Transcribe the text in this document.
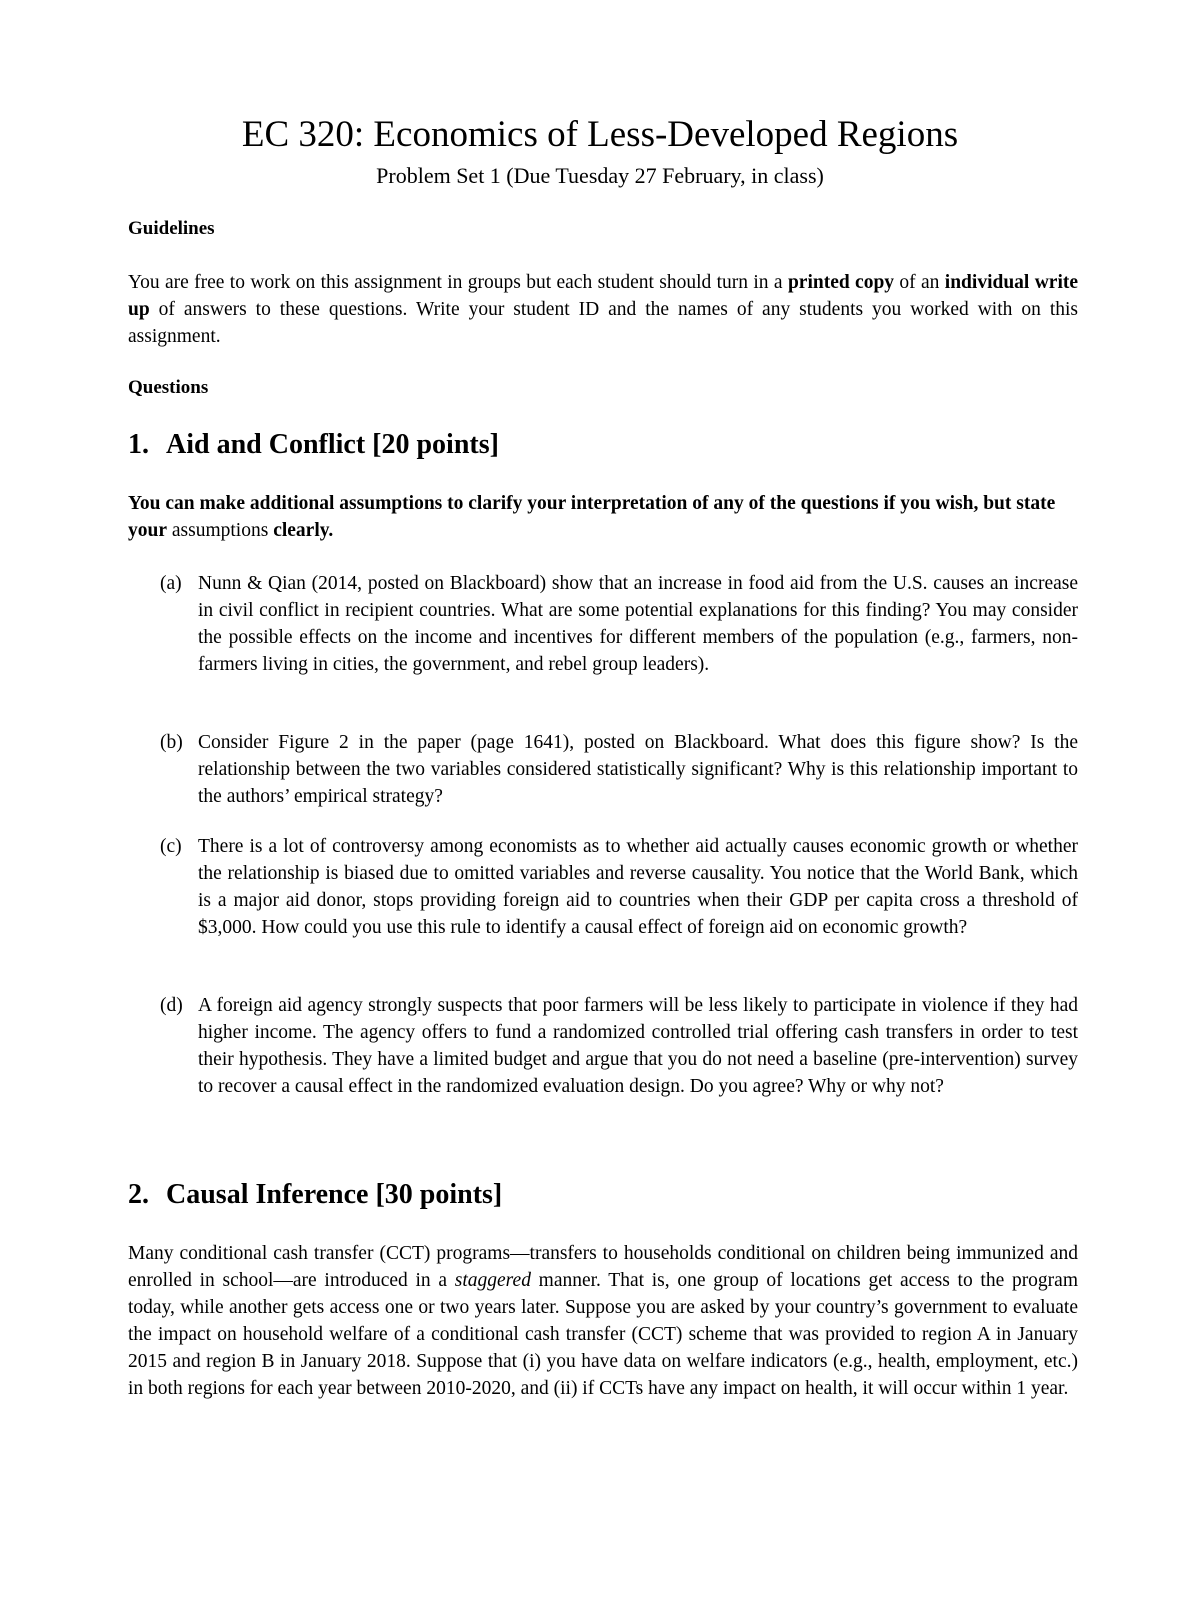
EC 320: Economics of Less-Developed Regions
Problem Set 1 (Due Tuesday 27 February, in class)
Guidelines
You are free to work on this assignment in groups but each student should turn in a printed copy of an individual write up of answers to these questions. Write your student ID and the names of any students you worked with on this assignment.
Questions
1. Aid and Conflict [20 points]
You can make additional assumptions to clarify your interpretation of any of the questions if you wish, but state your assumptions clearly.
(a) Nunn & Qian (2014, posted on Blackboard) show that an increase in food aid from the U.S. causes an increase in civil conflict in recipient countries. What are some potential explanations for this finding? You may consider the possible effects on the income and incentives for different members of the population (e.g., farmers, non-farmers living in cities, the government, and rebel group leaders).
(b) Consider Figure 2 in the paper (page 1641), posted on Blackboard. What does this figure show? Is the relationship between the two variables considered statistically significant? Why is this relationship important to the authors’ empirical strategy?
(c) There is a lot of controversy among economists as to whether aid actually causes economic growth or whether the relationship is biased due to omitted variables and reverse causality. You notice that the World Bank, which is a major aid donor, stops providing foreign aid to countries when their GDP per capita cross a threshold of $3,000. How could you use this rule to identify a causal effect of foreign aid on economic growth?
(d) A foreign aid agency strongly suspects that poor farmers will be less likely to participate in violence if they had higher income. The agency offers to fund a randomized controlled trial offering cash transfers in order to test their hypothesis. They have a limited budget and argue that you do not need a baseline (pre-intervention) survey to recover a causal effect in the randomized evaluation design. Do you agree? Why or why not?
2. Causal Inference [30 points]
Many conditional cash transfer (CCT) programs—transfers to households conditional on children being immunized and enrolled in school—are introduced in a staggered manner. That is, one group of locations get access to the program today, while another gets access one or two years later. Suppose you are asked by your country’s government to evaluate the impact on household welfare of a conditional cash transfer (CCT) scheme that was provided to region A in January 2015 and region B in January 2018. Suppose that (i) you have data on welfare indicators (e.g., health, employment, etc.) in both regions for each year between 2010-2020, and (ii) if CCTs have any impact on health, it will occur within 1 year.
